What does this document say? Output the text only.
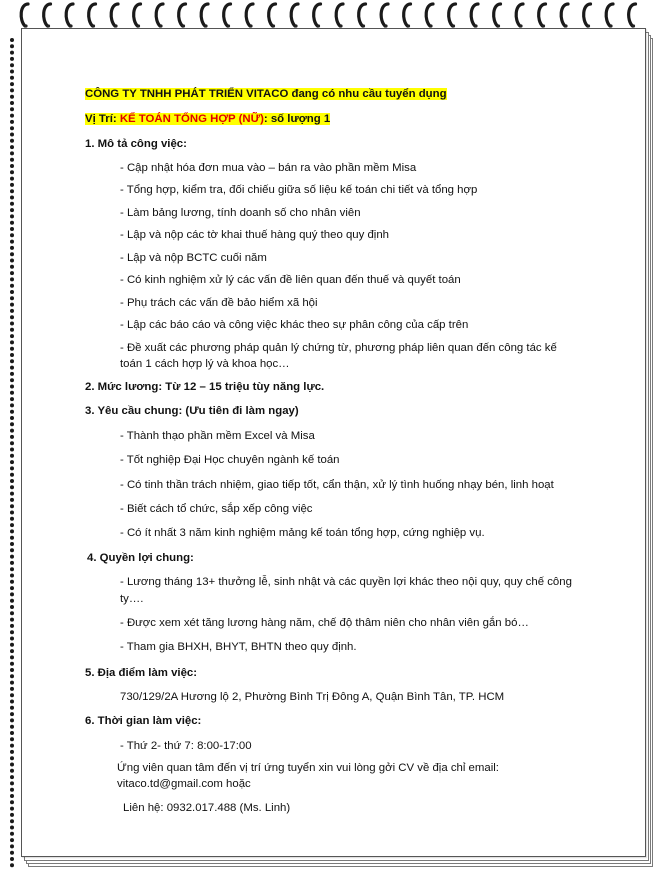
CÔNG TY TNHH PHÁT TRIỂN VITACO đang có nhu cầu tuyển dụng
Vị Trí: KẾ TOÁN TỔNG HỢP (NỮ): số lượng 1
1. Mô tả công việc:
- Cập nhật hóa đơn mua vào – bán ra vào phần mềm Misa
- Tổng hợp, kiểm tra, đối chiếu giữa số liệu kế toán chi tiết và tổng hợp
- Làm bảng lương, tính doanh số cho nhân viên
- Lập và nộp các tờ khai thuế hàng quý theo quy định
- Lập và nộp BCTC cuối năm
- Có kinh nghiệm xử lý các vấn đề liên quan đến thuế và quyết toán
- Phụ trách các vấn đề bảo hiểm xã hội
- Lập các báo cáo và công việc khác theo sự phân công của cấp trên
- Đề xuất các phương pháp quản lý chứng từ, phương pháp liên quan đến công tác kế
toán 1 cách hợp lý và khoa học…
2. Mức lương: Từ 12 – 15 triệu tùy năng lực.
3. Yêu cầu chung: (Ưu tiên đi làm ngay)
- Thành thạo phần mềm Excel và Misa
- Tốt nghiệp Đại Học chuyên ngành kế toán
- Có tinh thần trách nhiệm, giao tiếp tốt, cẩn thận, xử lý tình huống nhạy bén, linh hoạt
- Biết cách tổ chức, sắp xếp công việc
- Có ít nhất 3 năm kinh nghiệm mảng kế toán tổng hợp, cứng nghiệp vụ.
4. Quyền lợi chung:
- Lương tháng 13+ thưởng lễ, sinh nhật và các quyền lợi khác theo nội quy, quy chế công
ty….
- Được xem xét tăng lương hàng năm, chế độ thâm niên cho nhân viên gắn bó…
- Tham gia BHXH, BHYT, BHTN theo quy định.
5. Địa điểm làm việc:
730/129/2A Hương lộ 2, Phường Bình Trị Đông A, Quận Bình Tân, TP. HCM
6. Thời gian làm việc:
- Thứ 2- thứ 7: 8:00-17:00
Ứng viên quan tâm đến vị trí ứng tuyển xin vui lòng gởi CV về địa chỉ email:
vitaco.td@gmail.com hoặc
Liên hệ: 0932.017.488 (Ms. Linh)
